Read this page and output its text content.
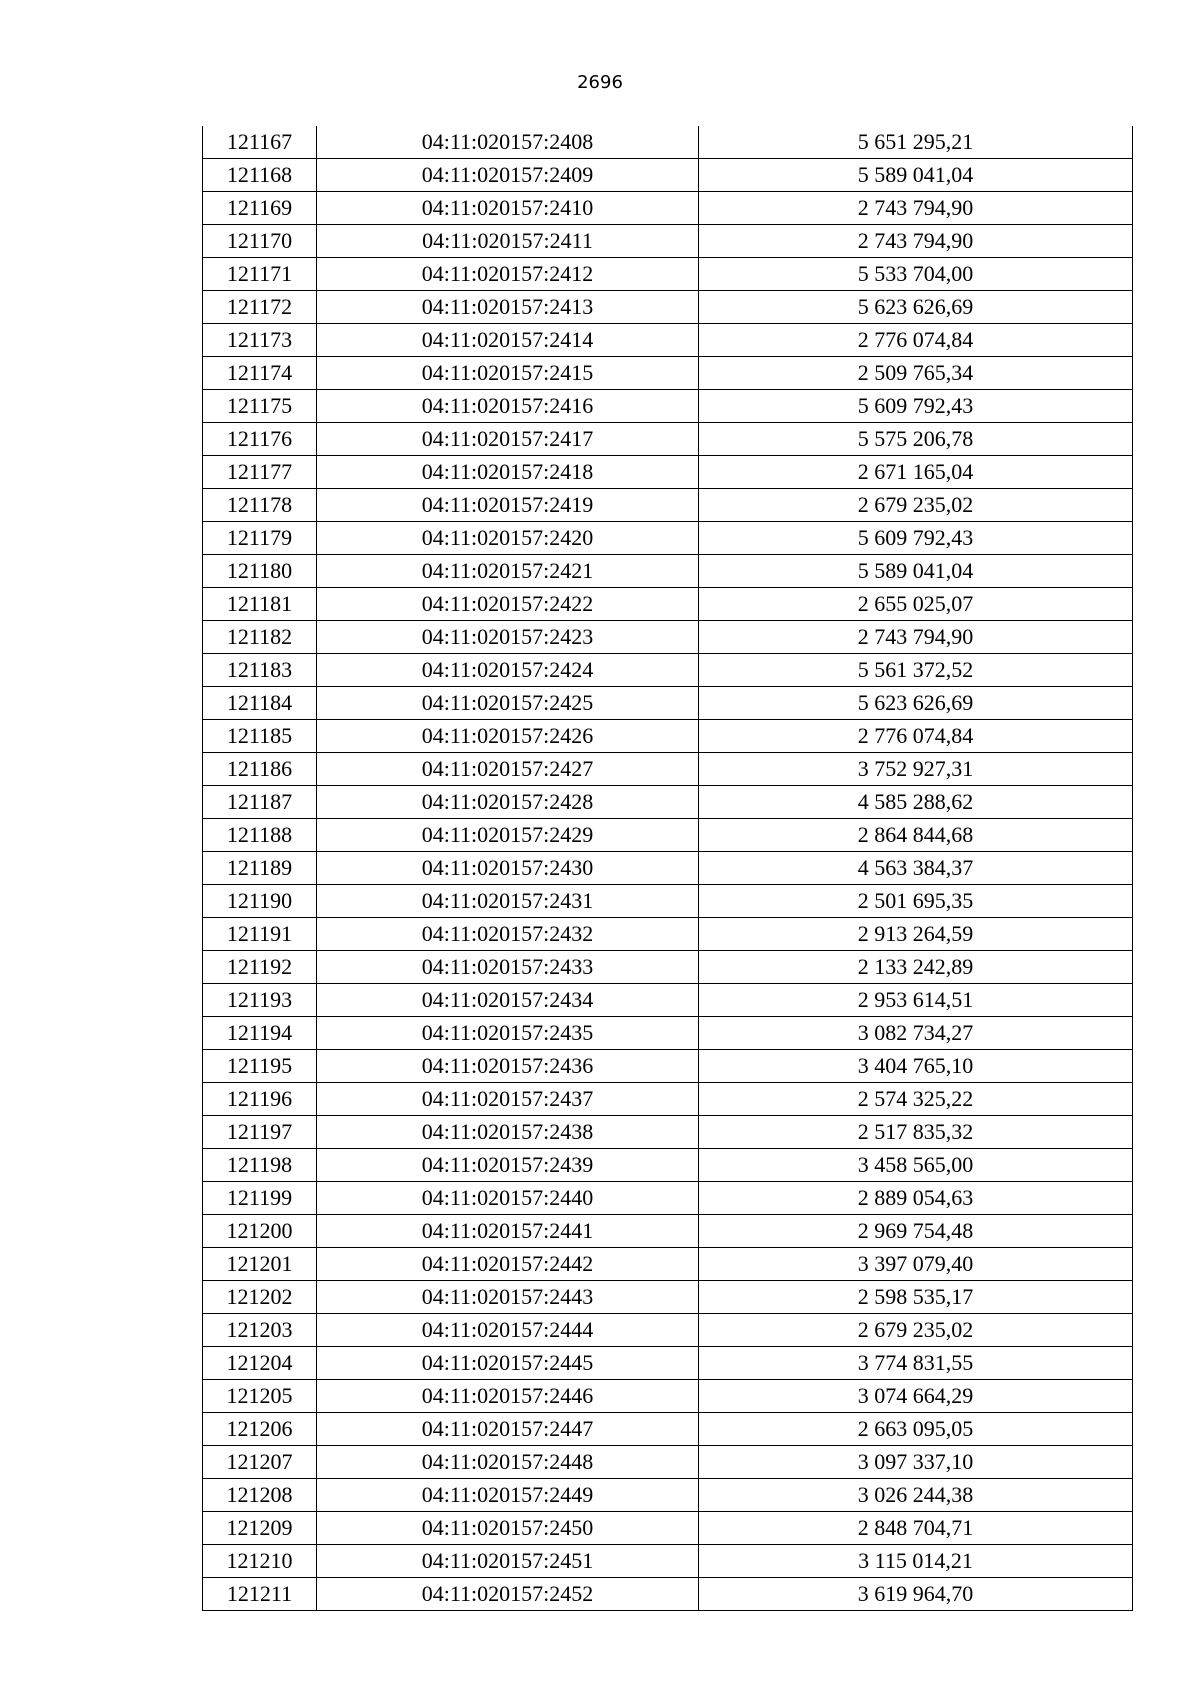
2696
121167	04:11:020157:2408	5 651 295,21
121168	04:11:020157:2409	5 589 041,04
121169	04:11:020157:2410	2 743 794,90
121170	04:11:020157:2411	2 743 794,90
121171	04:11:020157:2412	5 533 704,00
121172	04:11:020157:2413	5 623 626,69
121173	04:11:020157:2414	2 776 074,84
121174	04:11:020157:2415	2 509 765,34
121175	04:11:020157:2416	5 609 792,43
121176	04:11:020157:2417	5 575 206,78
121177	04:11:020157:2418	2 671 165,04
121178	04:11:020157:2419	2 679 235,02
121179	04:11:020157:2420	5 609 792,43
121180	04:11:020157:2421	5 589 041,04
121181	04:11:020157:2422	2 655 025,07
121182	04:11:020157:2423	2 743 794,90
121183	04:11:020157:2424	5 561 372,52
121184	04:11:020157:2425	5 623 626,69
121185	04:11:020157:2426	2 776 074,84
121186	04:11:020157:2427	3 752 927,31
121187	04:11:020157:2428	4 585 288,62
121188	04:11:020157:2429	2 864 844,68
121189	04:11:020157:2430	4 563 384,37
121190	04:11:020157:2431	2 501 695,35
121191	04:11:020157:2432	2 913 264,59
121192	04:11:020157:2433	2 133 242,89
121193	04:11:020157:2434	2 953 614,51
121194	04:11:020157:2435	3 082 734,27
121195	04:11:020157:2436	3 404 765,10
121196	04:11:020157:2437	2 574 325,22
121197	04:11:020157:2438	2 517 835,32
121198	04:11:020157:2439	3 458 565,00
121199	04:11:020157:2440	2 889 054,63
121200	04:11:020157:2441	2 969 754,48
121201	04:11:020157:2442	3 397 079,40
121202	04:11:020157:2443	2 598 535,17
121203	04:11:020157:2444	2 679 235,02
121204	04:11:020157:2445	3 774 831,55
121205	04:11:020157:2446	3 074 664,29
121206	04:11:020157:2447	2 663 095,05
121207	04:11:020157:2448	3 097 337,10
121208	04:11:020157:2449	3 026 244,38
121209	04:11:020157:2450	2 848 704,71
121210	04:11:020157:2451	3 115 014,21
121211	04:11:020157:2452	3 619 964,70
